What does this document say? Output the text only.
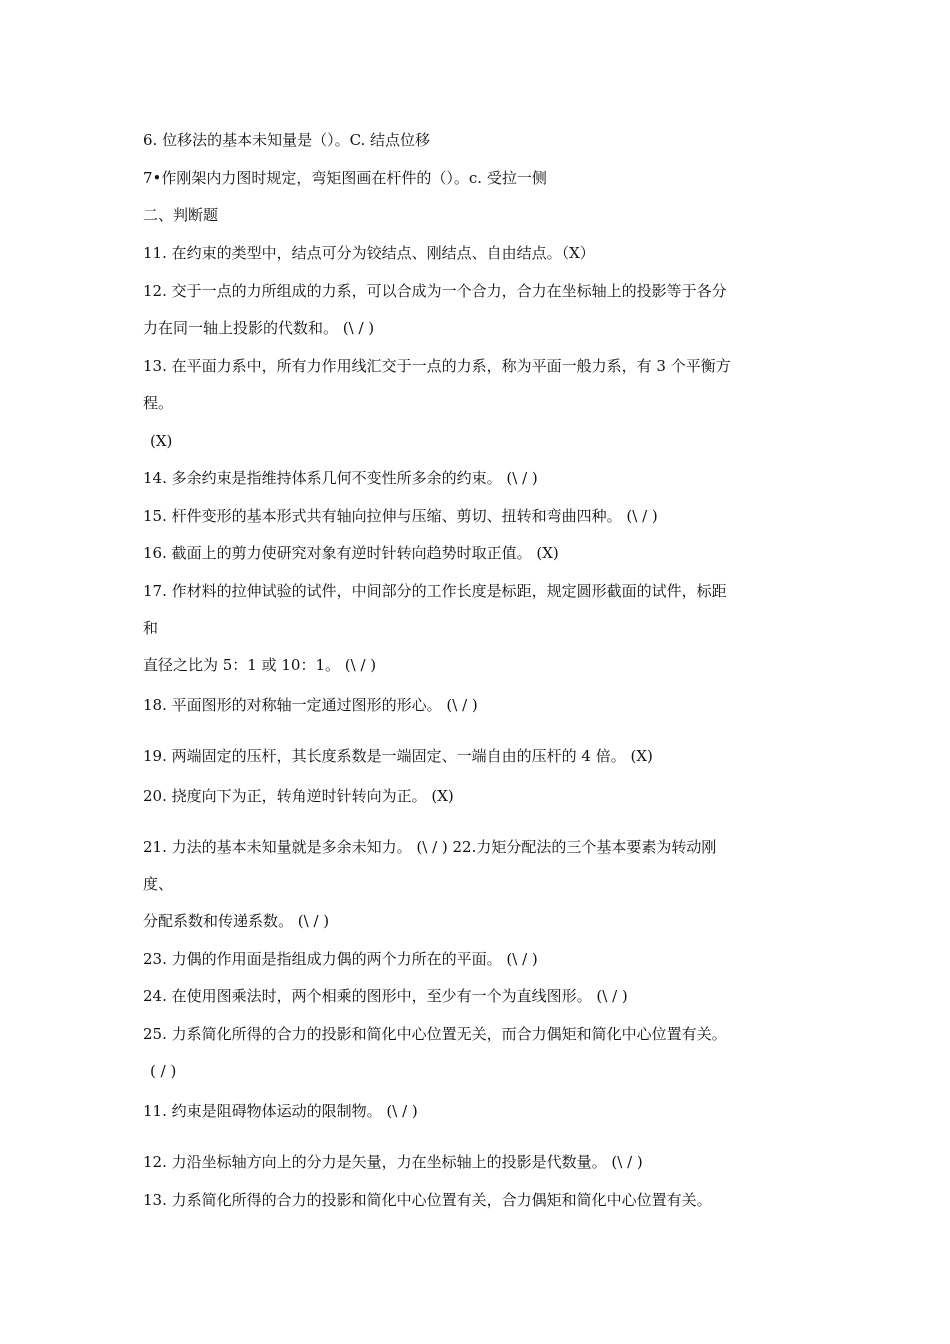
6. 位移法的基本未知量是（）。C. 结点位移
7•作刚架内力图时规定，弯矩图画在杆件的（）。c. 受拉一侧
二、判断题
11. 在约束的类型中，结点可分为铰结点、刚结点、自由结点。（X）
12. 交于一点的力所组成的力系，可以合成为一个合力，合力在坐标轴上的投影等于各分
力在同一轴上投影的代数和。 (\ / )
13. 在平面力系中，所有力作用线汇交于一点的力系，称为平面一般力系，有 3 个平衡方
程。
(X)
14. 多余约束是指维持体系几何不变性所多余的约束。 (\ / )
15. 杆件变形的基本形式共有轴向拉伸与压缩、剪切、扭转和弯曲四种。 (\ / )
16. 截面上的剪力使研究对象有逆时针转向趋势时取正值。 (X)
17. 作材料的拉伸试验的试件，中间部分的工作长度是标距，规定圆形截面的试件，标距
和
直径之比为 5：1 或 10：1。 (\ / )
18. 平面图形的对称轴一定通过图形的形心。 (\ / )
19. 两端固定的压杆，其长度系数是一端固定、一端自由的压杆的 4 倍。 (X)
20. 挠度向下为正，转角逆时针转向为正。 (X)
21. 力法的基本未知量就是多余未知力。 (\ / ) 22.力矩分配法的三个基本要素为转动刚
度、
分配系数和传递系数。 (\ / )
23. 力偶的作用面是指组成力偶的两个力所在的平面。 (\ / )
24. 在使用图乘法时，两个相乘的图形中，至少有一个为直线图形。 (\ / )
25. 力系简化所得的合力的投影和简化中心位置无关，而合力偶矩和简化中心位置有关。
( / )
11. 约束是阻碍物体运动的限制物。 (\ / )
12. 力沿坐标轴方向上的分力是矢量，力在坐标轴上的投影是代数量。 (\ / )
13. 力系简化所得的合力的投影和简化中心位置有关，合力偶矩和简化中心位置有关。
